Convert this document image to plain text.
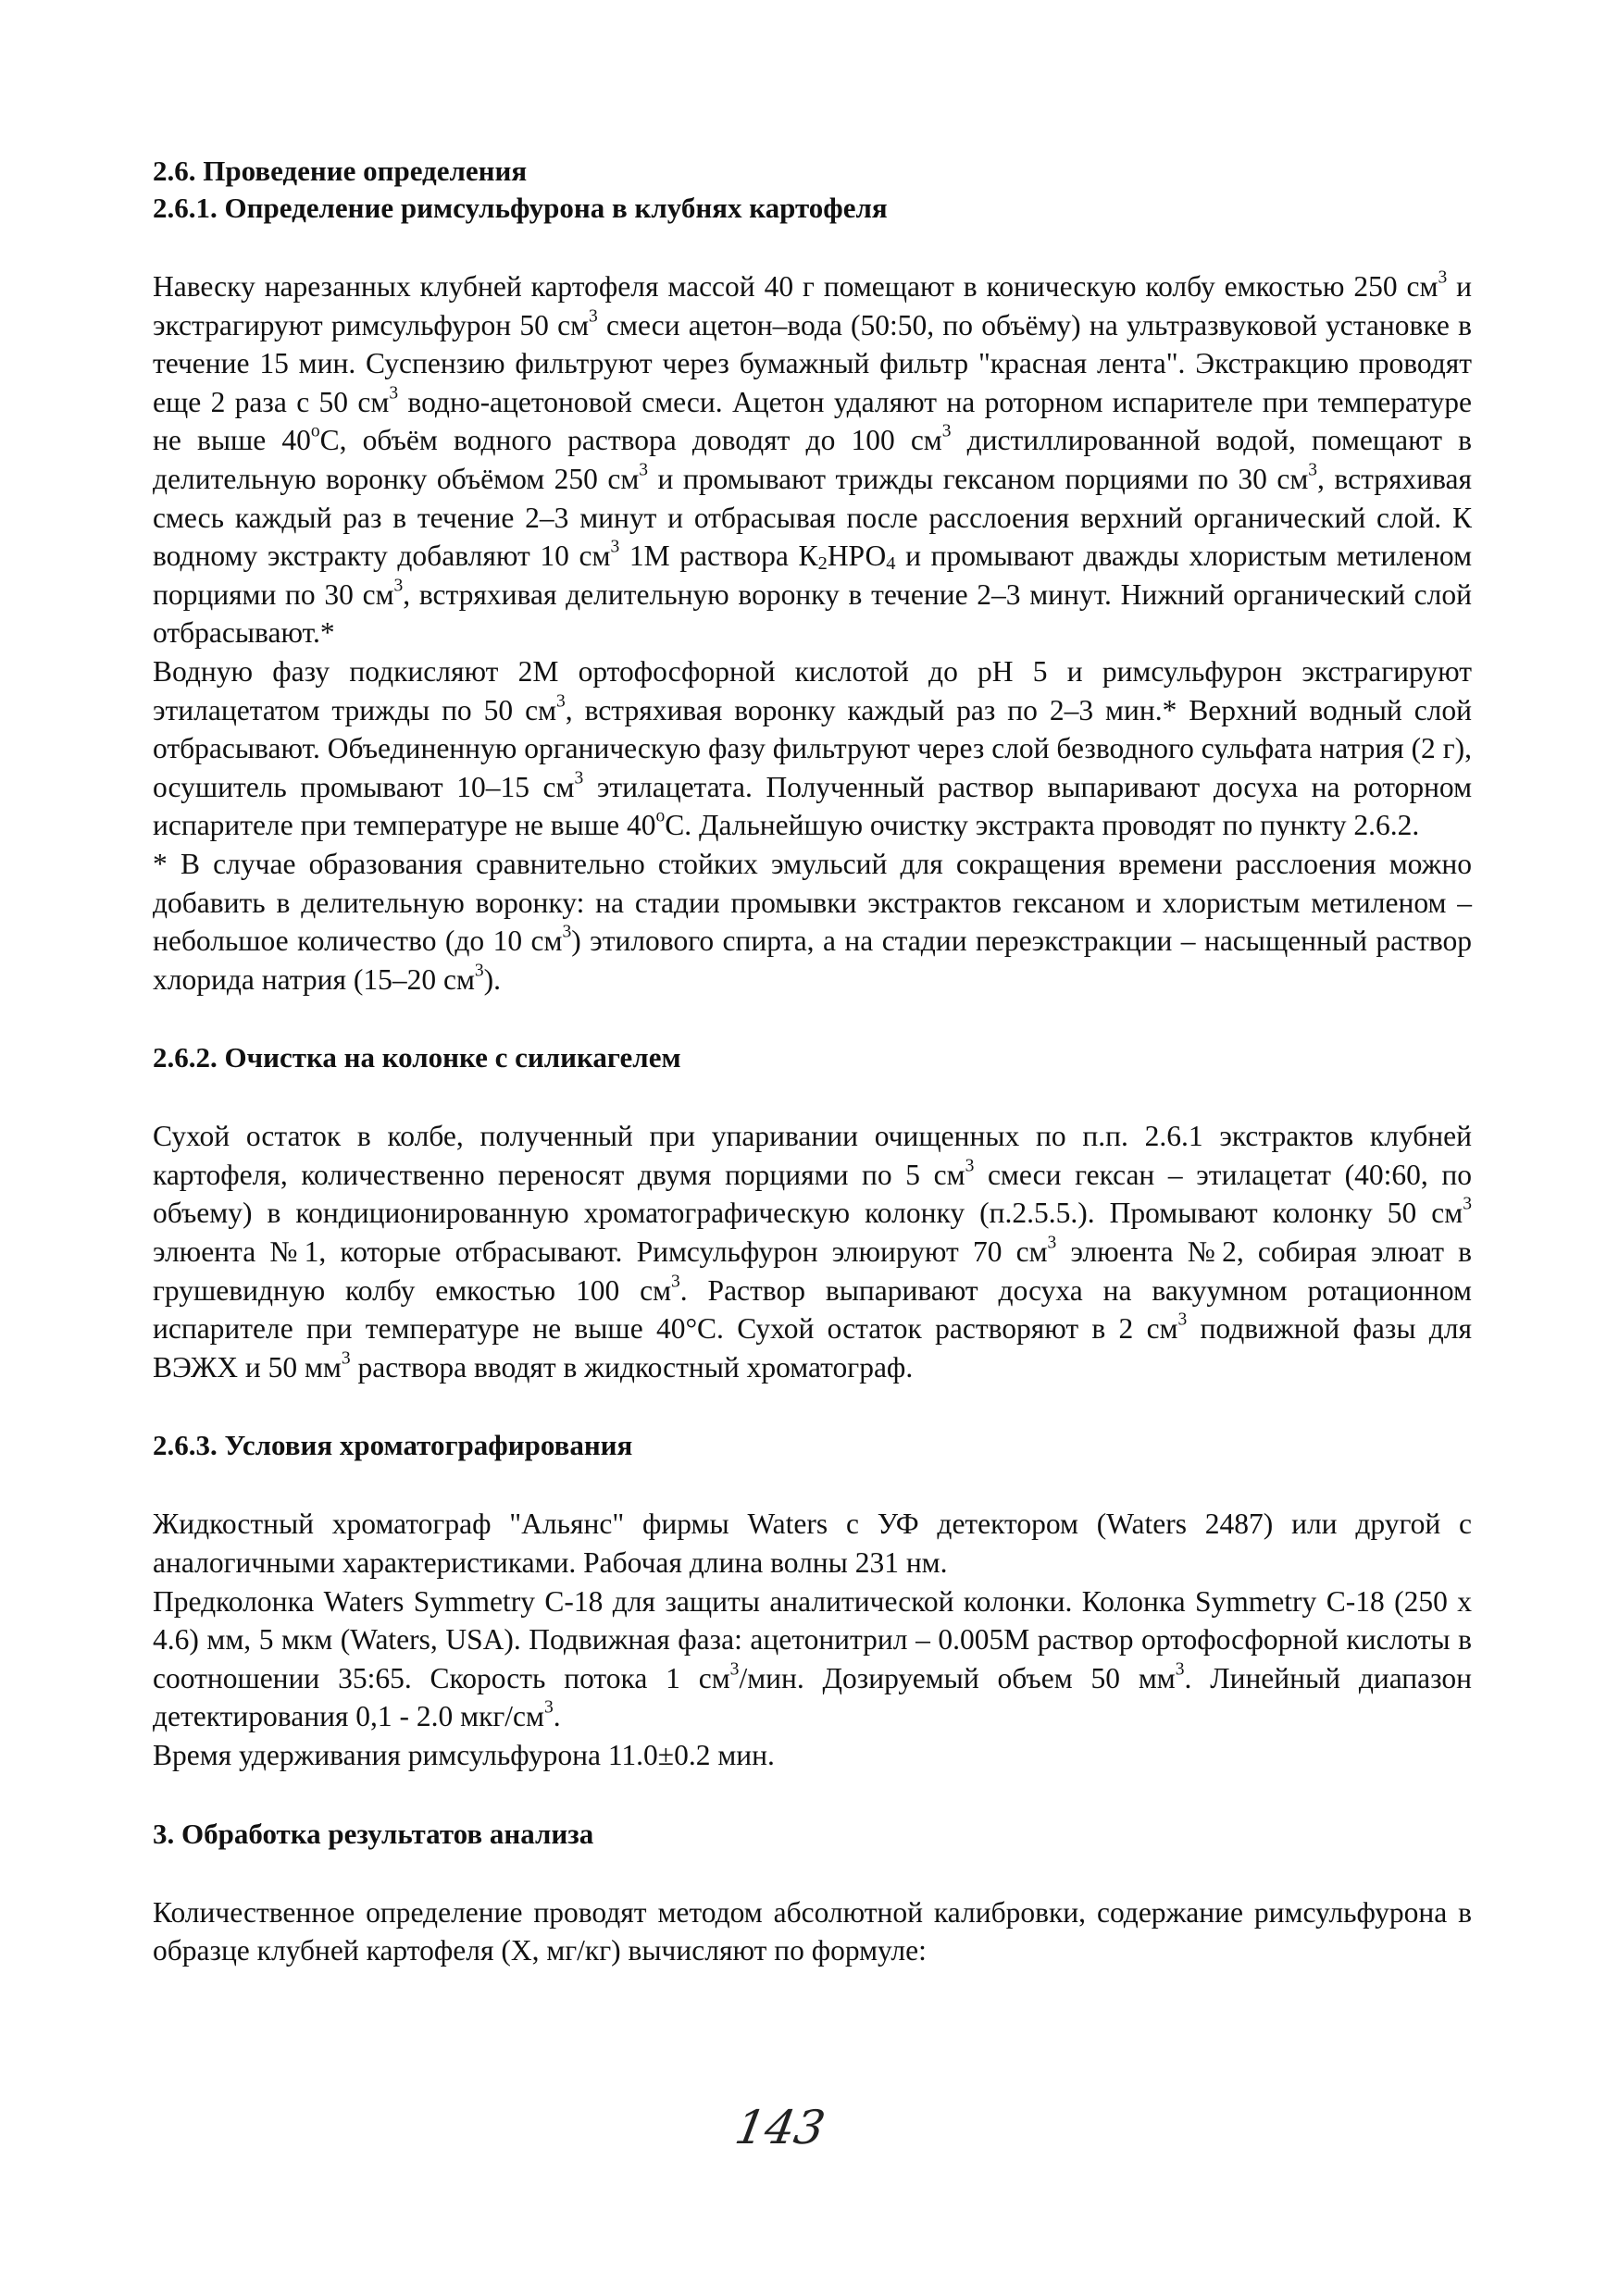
2.6. Проведение определения
2.6.1. Определение римсульфурона в клубнях картофеля

Навеску нарезанных клубней картофеля массой 40 г помещают в коническую колбу емкостью 250 $см^3$ и экстрагируют римсульфурон 50 $см^3$ смеси ацетон–вода (50:50, по объёму) на ультразвуковой установке в течение 15 мин. Суспензию фильтруют через бумажный фильтр "красная лента". Экстракцию проводят еще 2 раза с 50 $см^3$ водно-ацетоновой смеси. Ацетон удаляют на роторном испарителе при температуре не выше 40$^o$С, объём водного раствора доводят до 100 $см^3$ дистиллированной водой, помещают в делительную воронку объёмом 250 $см^3$ и промывают трижды гексаном порциями по 30 $см^3$, встряхивая смесь каждый раз в течение 2–3 минут и отбрасывая после расслоения верхний органический слой. К водному экстракту добавляют 10 $см^3$ 1М раствора $К_2НРО_4$ и промывают дважды хлористым метиленом порциями по 30 $см^3$, встряхивая делительную воронку в течение 2–3 минут. Нижний органический слой отбрасывают.*

Водную фазу подкисляют 2М ортофосфорной кислотой до рН 5 и римсульфурон экстрагируют этилацетатом трижды по 50 $см^3$, встряхивая воронку каждый раз по 2–3 мин.* Верхний водный слой отбрасывают. Объединенную органическую фазу фильтруют через слой безводного сульфата натрия (2 г), осушитель промывают 10–15 $см^3$ этилацетата. Полученный раствор выпаривают досуха на роторном испарителе при температуре не выше 40$^o$С. Дальнейшую очистку экстракта проводят по пункту 2.6.2.

* В случае образования сравнительно стойких эмульсий для сокращения времени расслоения можно добавить в делительную воронку: на стадии промывки экстрактов гексаном и хлористым метиленом – небольшое количество (до 10 $см^3$) этилового спирта, а на стадии переэкстракции – насыщенный раствор хлорида натрия (15–20 $см^3$).

2.6.2. Очистка на колонке с силикагелем

Сухой остаток в колбе, полученный при упаривании очищенных по п.п. 2.6.1 экстрактов клубней картофеля, количественно переносят двумя порциями по 5 $см^3$ смеси гексан – этилацетат (40:60, по объему) в кондиционированную хроматографическую колонку (п.2.5.5.). Промывают колонку 50 $см^3$ элюента №1, которые отбрасывают. Римсульфурон элюируют 70 $см^3$ элюента №2, собирая элюат в грушевидную колбу емкостью 100 $см^3$. Раствор выпаривают досуха на вакуумном ротационном испарителе при температуре не выше 40°С. Сухой остаток растворяют в 2 $см^3$ подвижной фазы для ВЭЖХ и 50 $мм^3$ раствора вводят в жидкостный хроматограф.

2.6.3. Условия хроматографирования

Жидкостный хроматограф "Альянс" фирмы Waters с УФ детектором (Waters 2487) или другой с аналогичными характеристиками. Рабочая длина волны 231 нм.

Предколонка Waters Symmetry C-18 для защиты аналитической колонки. Колонка Symmetry C-18 (250 х 4.6) мм, 5 мкм (Waters, USA). Подвижная фаза: ацетонитрил – 0.005М раствор ортофосфорной кислоты в соотношении 35:65. Скорость потока 1 $см^3$/мин. Дозируемый объем 50 $мм^3$. Линейный диапазон детектирования 0,1 - 2.0 мкг/$см^3$.

Время удерживания римсульфурона 11.0±0.2 мин.

3. Обработка результатов анализа

Количественное определение проводят методом абсолютной калибровки, содержание римсульфурона в образце клубней картофеля (X, мг/кг) вычисляют по формуле:

143
